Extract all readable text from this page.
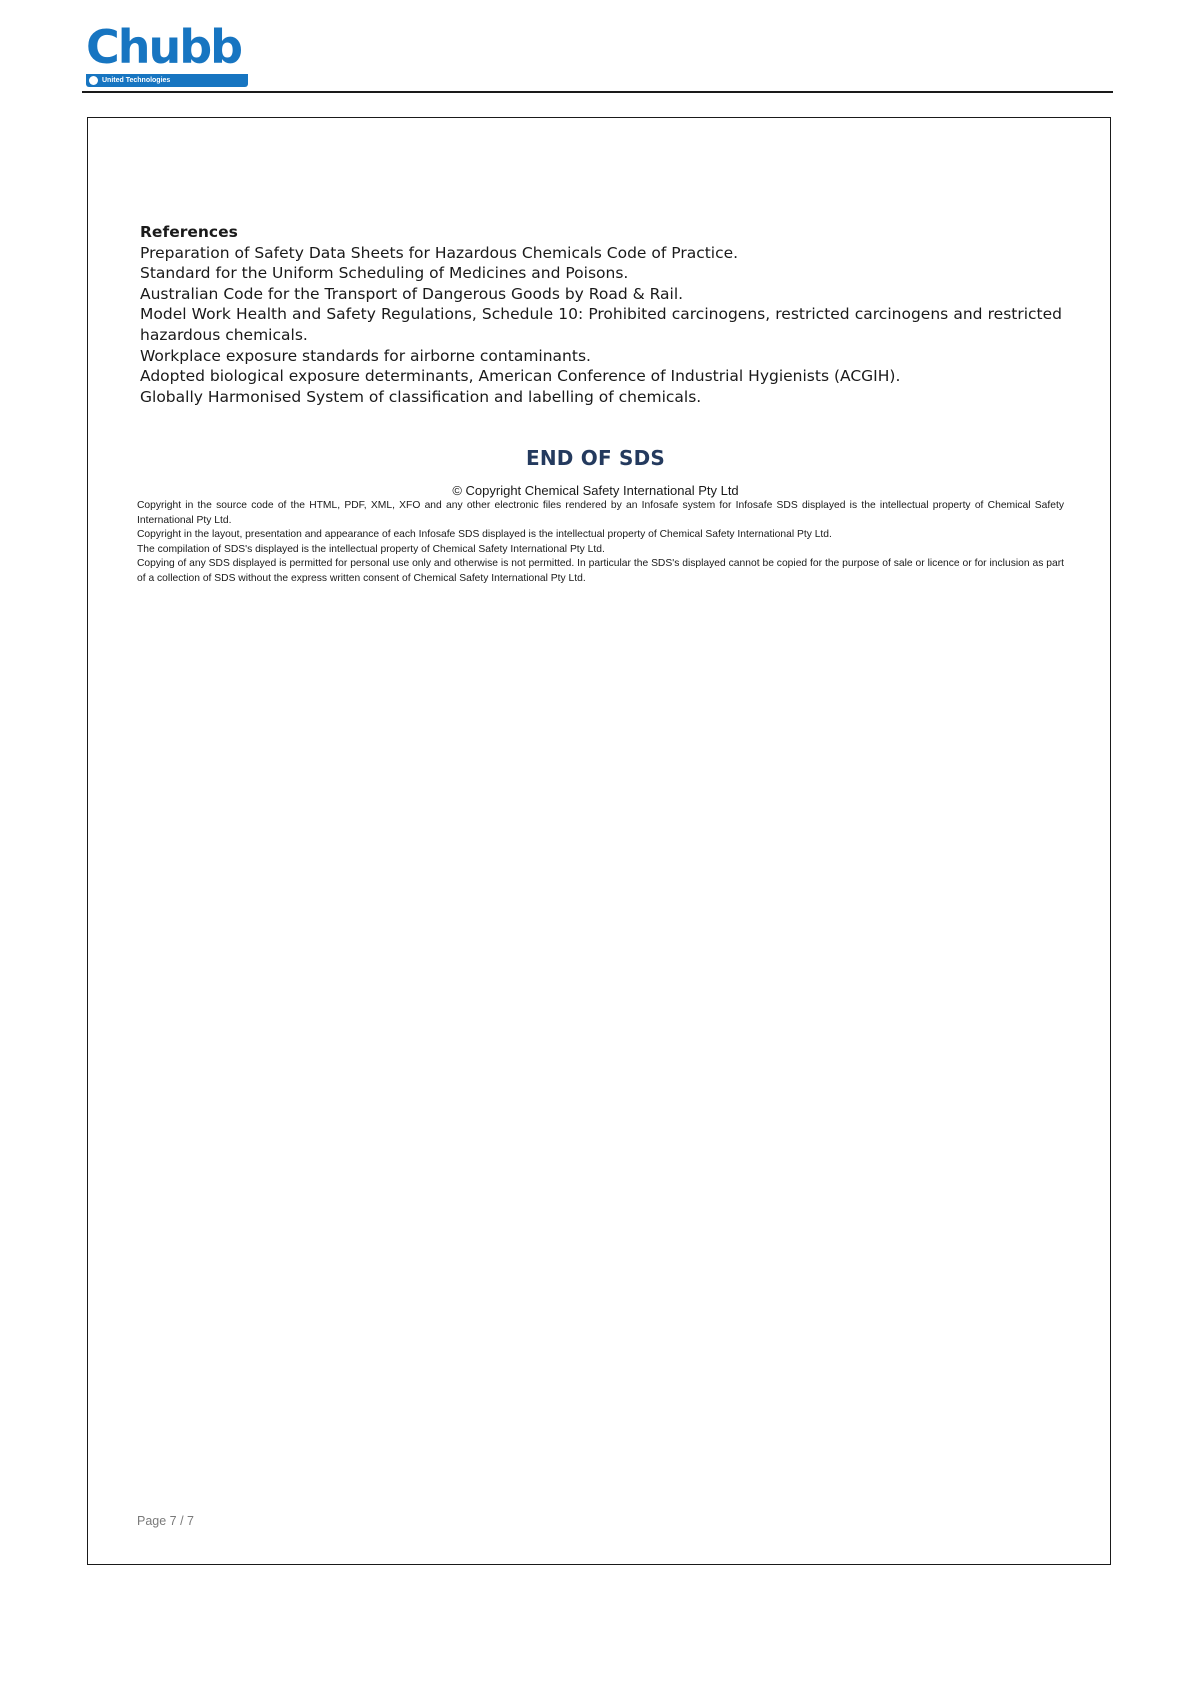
Chubb
United Technologies
References
Preparation of Safety Data Sheets for Hazardous Chemicals Code of Practice.
Standard for the Uniform Scheduling of Medicines and Poisons.
Australian Code for the Transport of Dangerous Goods by Road & Rail.
Model Work Health and Safety Regulations, Schedule 10: Prohibited carcinogens, restricted carcinogens and restricted hazardous chemicals.
Workplace exposure standards for airborne contaminants.
Adopted biological exposure determinants, American Conference of Industrial Hygienists (ACGIH).
Globally Harmonised System of classification and labelling of chemicals.
END OF SDS
© Copyright Chemical Safety International Pty Ltd
Copyright in the source code of the HTML, PDF, XML, XFO and any other electronic files rendered by an Infosafe system for Infosafe SDS displayed is the intellectual property of Chemical Safety International Pty Ltd.
Copyright in the layout, presentation and appearance of each Infosafe SDS displayed is the intellectual property of Chemical Safety International Pty Ltd.
The compilation of SDS's displayed is the intellectual property of Chemical Safety International Pty Ltd.
Copying of any SDS displayed is permitted for personal use only and otherwise is not permitted. In particular the SDS's displayed cannot be copied for the purpose of sale or licence or for inclusion as part of a collection of SDS without the express written consent of Chemical Safety International Pty Ltd.
Page 7 / 7
